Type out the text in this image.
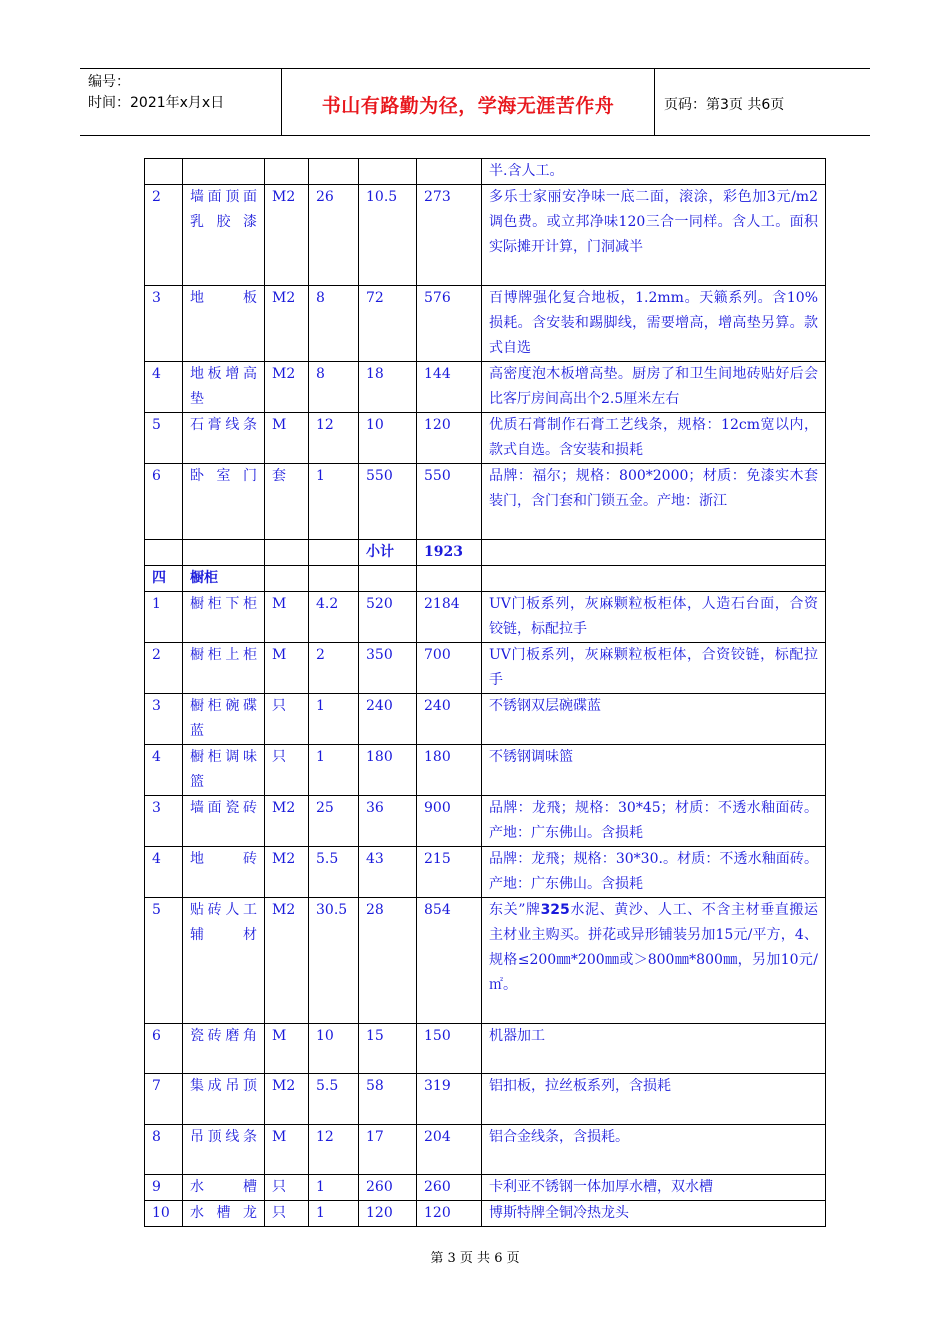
编号：
时间：2021年x月x日	书山有路勤为径，学海无涯苦作舟	页码：第3页 共6页
						半.含人工。
2	墙面顶面乳胶漆	M2	26	10.5	273	多乐士家丽安净味一底二面，滚涂，彩色加3元/m2调色费。或立邦净味120三合一同样。含人工。面积实际摊开计算，门洞减半
3	地板	M2	8	72	576	百博牌强化复合地板，1.2mm。天籁系列。含10%损耗。含安装和踢脚线，需要增高，增高垫另算。款式自选
4	地板增高垫	M2	8	18	144	高密度泡木板增高垫。厨房了和卫生间地砖贴好后会比客厅房间高出个2.5厘米左右
5	石膏线条	M	12	10	120	优质石膏制作石膏工艺线条，规格：12cm宽以内，款式自选。含安装和损耗
6	卧室门	套	1	550	550	品牌：福尔；规格：800*2000；材质：免漆实木套装门，含门套和门锁五金。产地：浙江
				小计	1923	
四	橱柜					
1	橱柜下柜	M	4.2	520	2184	UV门板系列，灰麻颗粒板柜体，人造石台面，合资铰链，标配拉手
2	橱柜上柜	M	2	350	700	UV门板系列，灰麻颗粒板柜体，合资铰链，标配拉手
3	橱柜碗碟蓝	只	1	240	240	不锈钢双层碗碟蓝
4	橱柜调味篮	只	1	180	180	不锈钢调味篮
3	墙面瓷砖	M2	25	36	900	品牌：龙飛；规格：30*45；材质：不透水釉面砖。产地：广东佛山。含损耗
4	地砖	M2	5.5	43	215	品牌：龙飛；规格：30*30.。材质：不透水釉面砖。产地：广东佛山。含损耗
5	贴砖人工辅材	M2	30.5	28	854	东关”牌325水泥、黄沙、人工、不含主材垂直搬运主材业主购买。拼花或异形铺装另加15元/平方，4、规格≤200㎜*200㎜或＞800㎜*800㎜，另加10元/㎡。
6	瓷砖磨角	M	10	15	150	机器加工
7	集成吊顶	M2	5.5	58	319	铝扣板，拉丝板系列，含损耗
8	吊顶线条	M	12	17	204	铝合金线条，含损耗。
9	水槽	只	1	260	260	卡利亚不锈钢一体加厚水槽，双水槽
10	水槽龙	只	1	120	120	博斯特牌全铜冷热龙头
第 3 页 共 6 页
